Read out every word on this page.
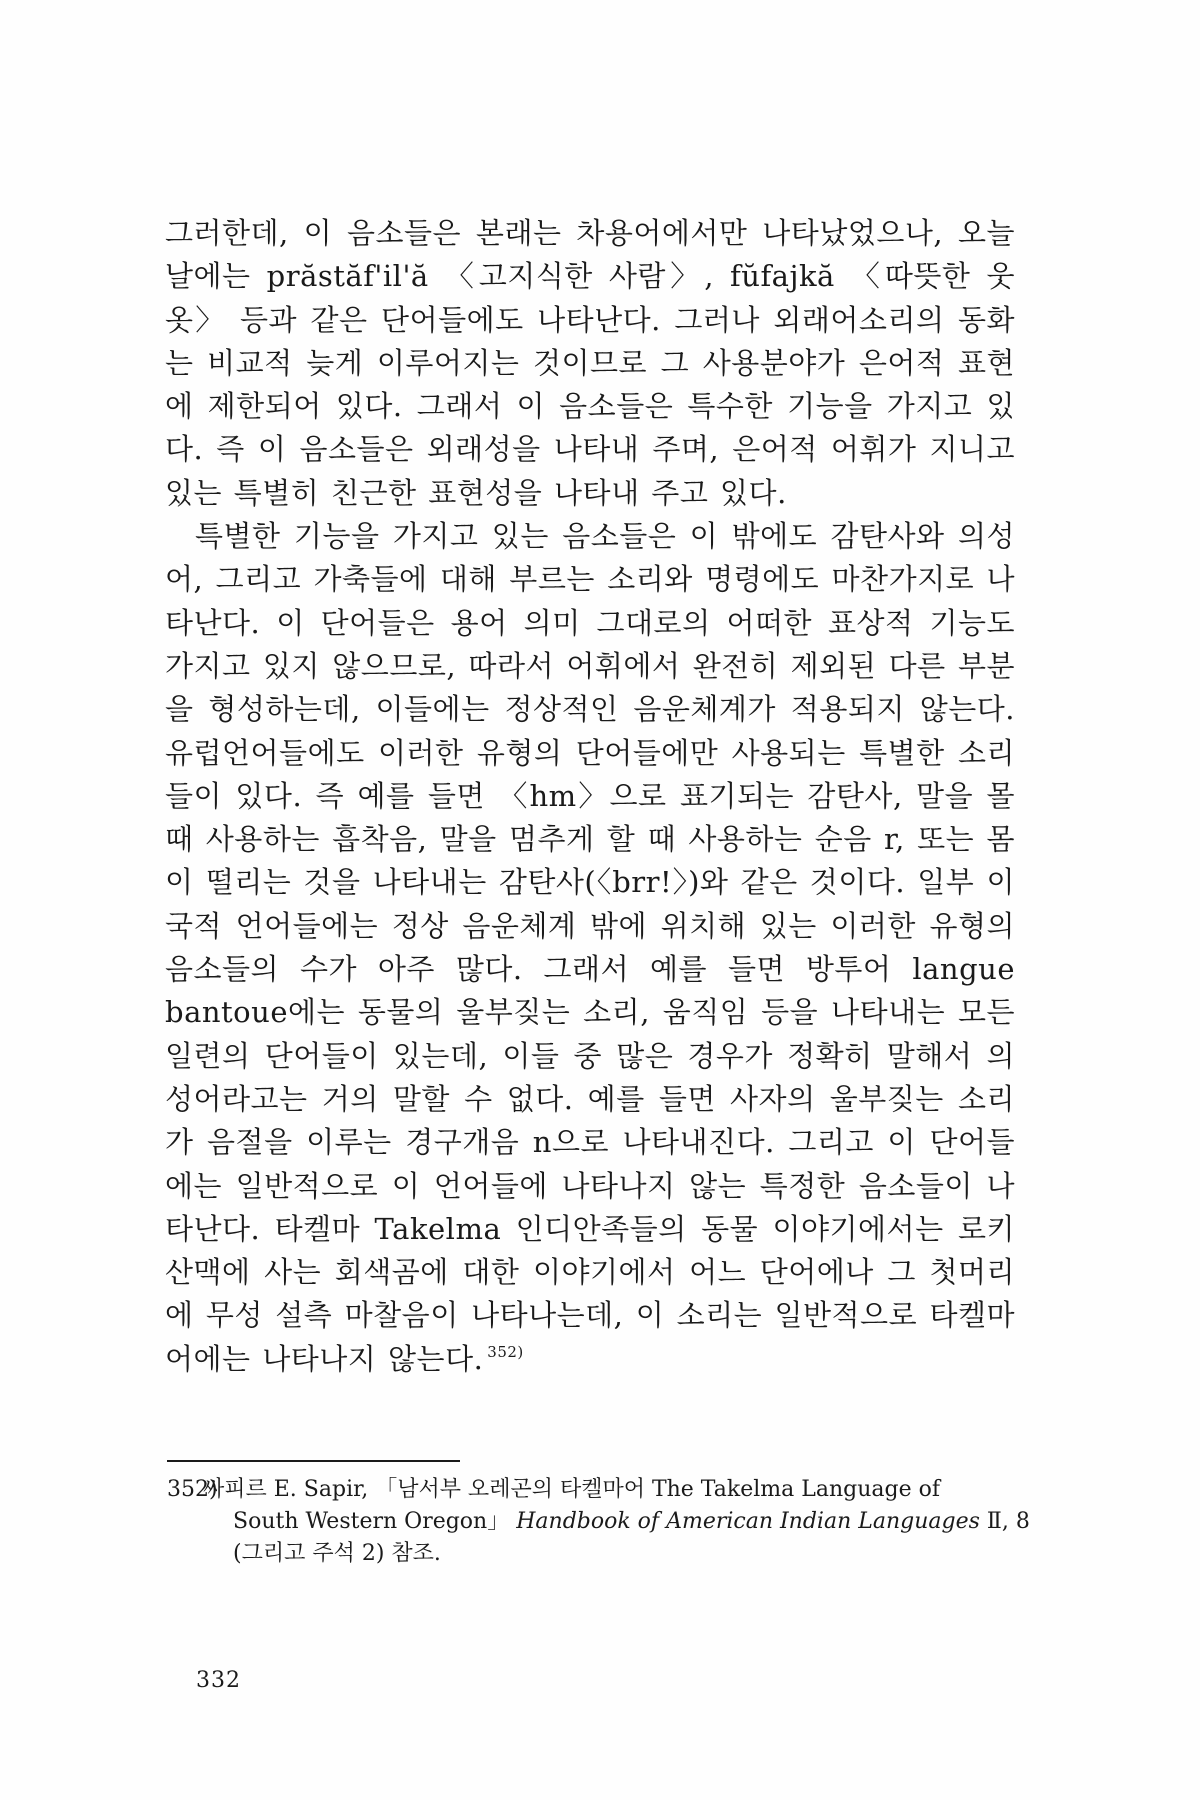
그러한데, 이 음소들은 본래는 차용어에서만 나타났었으나, 오늘날에는 prăstăf'il'ă 〈고지식한 사람〉, fŭfajkă 〈따뜻한 웃옷〉 등과 같은 단어들에도 나타난다. 그러나 외래어소리의 동화는 비교적 늦게 이루어지는 것이므로 그 사용분야가 은어적 표현에 제한되어 있다. 그래서 이 음소들은 특수한 기능을 가지고 있다. 즉 이 음소들은 외래성을 나타내 주며, 은어적 어휘가 지니고 있는 특별히 친근한 표현성을 나타내 주고 있다.

특별한 기능을 가지고 있는 음소들은 이 밖에도 감탄사와 의성어, 그리고 가축들에 대해 부르는 소리와 명령에도 마찬가지로 나타난다. 이 단어들은 용어 의미 그대로의 어떠한 표상적 기능도 가지고 있지 않으므로, 따라서 어휘에서 완전히 제외된 다른 부분을 형성하는데, 이들에는 정상적인 음운체계가 적용되지 않는다. 유럽언어들에도 이러한 유형의 단어들에만 사용되는 특별한 소리들이 있다. 즉 예를 들면 〈hm〉으로 표기되는 감탄사, 말을 몰 때 사용하는 흡착음, 말을 멈추게 할 때 사용하는 순음 r, 또는 몸이 떨리는 것을 나타내는 감탄사(〈brr!〉)와 같은 것이다. 일부 이국적 언어들에는 정상 음운체계 밖에 위치해 있는 이러한 유형의 음소들의 수가 아주 많다. 그래서 예를 들면 방투어 langue bantoue에는 동물의 울부짖는 소리, 움직임 등을 나타내는 모든 일련의 단어들이 있는데, 이들 중 많은 경우가 정확히 말해서 의성어라고는 거의 말할 수 없다. 예를 들면 사자의 울부짖는 소리가 음절을 이루는 경구개음 n으로 나타내진다. 그리고 이 단어들에는 일반적으로 이 언어들에 나타나지 않는 특정한 음소들이 나타난다. 타켈마 Takelma 인디안족들의 동물 이야기에서는 로키산맥에 사는 회색곰에 대한 이야기에서 어느 단어에나 그 첫머리에 무성 설측 마찰음이 나타나는데, 이 소리는 일반적으로 타켈마어에는 나타나지 않는다. $^{352)}$

352)싸피르 E. Sapir, 「남서부 오레곤의 타켈마어 The Takelma Language of
South Western Oregon」 Handbook of American Indian Languages Ⅱ, 8
(그리고 주석 2) 참조.
332
